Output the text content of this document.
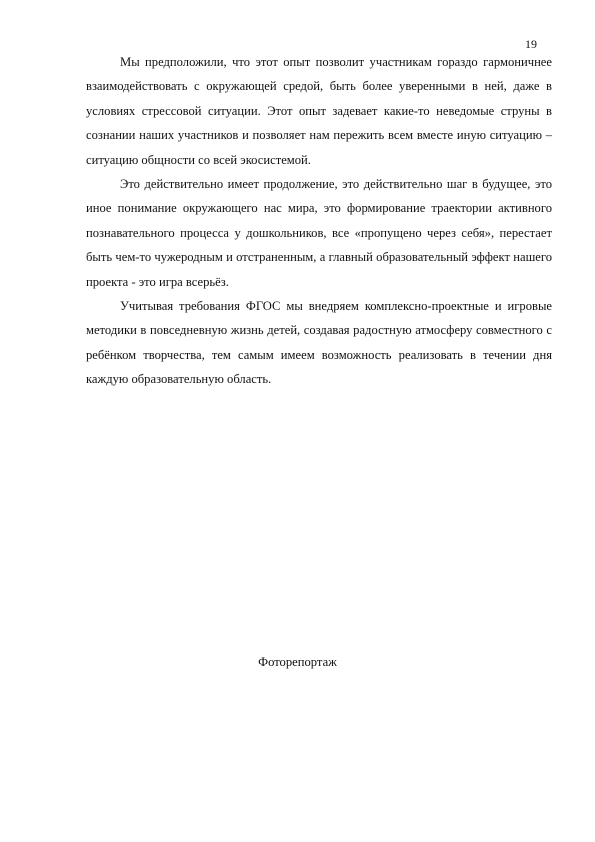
19

Мы предположили, что этот опыт позволит участникам гораздо гармоничнее взаимодействовать с окружающей средой, быть более уверенными в ней, даже в условиях стрессовой ситуации. Этот опыт задевает какие-то неведомые струны в сознании наших участников и позволяет нам пережить всем вместе иную ситуацию – ситуацию общности со всей экосистемой.

Это действительно имеет продолжение, это действительно шаг в будущее, это иное понимание окружающего нас мира, это формирование траектории активного познавательного процесса у дошкольников, все «пропущено через себя», перестает быть чем-то чужеродным и отстраненным, а главный образовательный эффект нашего проекта - это игра всерьёз.

Учитывая требования ФГОС мы внедряем комплексно-проектные и игровые методики в повседневную жизнь детей, создавая радостную атмосферу совместного с ребёнком творчества, тем самым имеем возможность реализовать в течении дня каждую образовательную область.

Фоторепортаж
